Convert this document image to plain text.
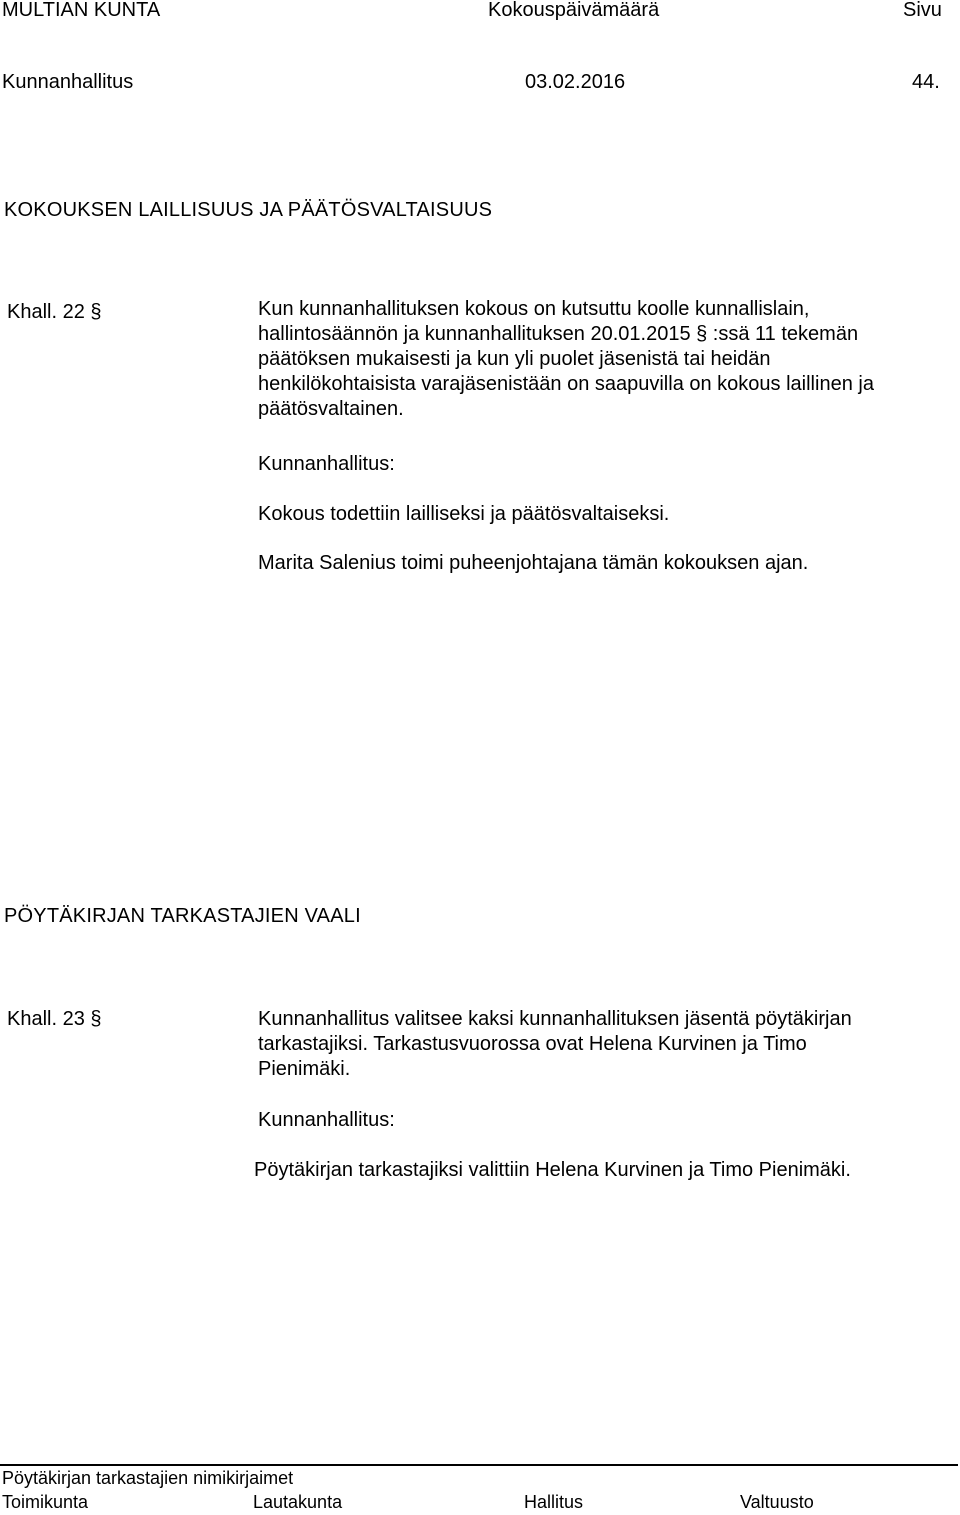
MULTIAN KUNTA	Kokouspäivämäärä	Sivu
Kunnanhallitus	03.02.2016	44.
KOKOUKSEN LAILLISUUS JA PÄÄTÖSVALTAISUUS
Khall. 22 §	Kun kunnanhallituksen kokous on kutsuttu koolle kunnallislain,
hallintosäännön ja kunnanhallituksen 20.01.2015 § :ssä 11 tekemän
päätöksen mukaisesti ja kun yli puolet jäsenistä tai heidän
henkilökohtaisista varajäsenistään on saapuvilla on kokous laillinen ja
päätösvaltainen.
Kunnanhallitus:
Kokous todettiin lailliseksi ja päätösvaltaiseksi.
Marita Salenius toimi puheenjohtajana tämän kokouksen ajan.
PÖYTÄKIRJAN TARKASTAJIEN VAALI
Khall. 23 §	Kunnanhallitus valitsee kaksi kunnanhallituksen jäsentä pöytäkirjan
tarkastajiksi. Tarkastusvuorossa ovat Helena Kurvinen ja Timo
Pienimäki.
Kunnanhallitus:
Pöytäkirjan tarkastajiksi valittiin Helena Kurvinen ja Timo Pienimäki.
Pöytäkirjan tarkastajien nimikirjaimet
Toimikunta	Lautakunta	Hallitus	Valtuusto
